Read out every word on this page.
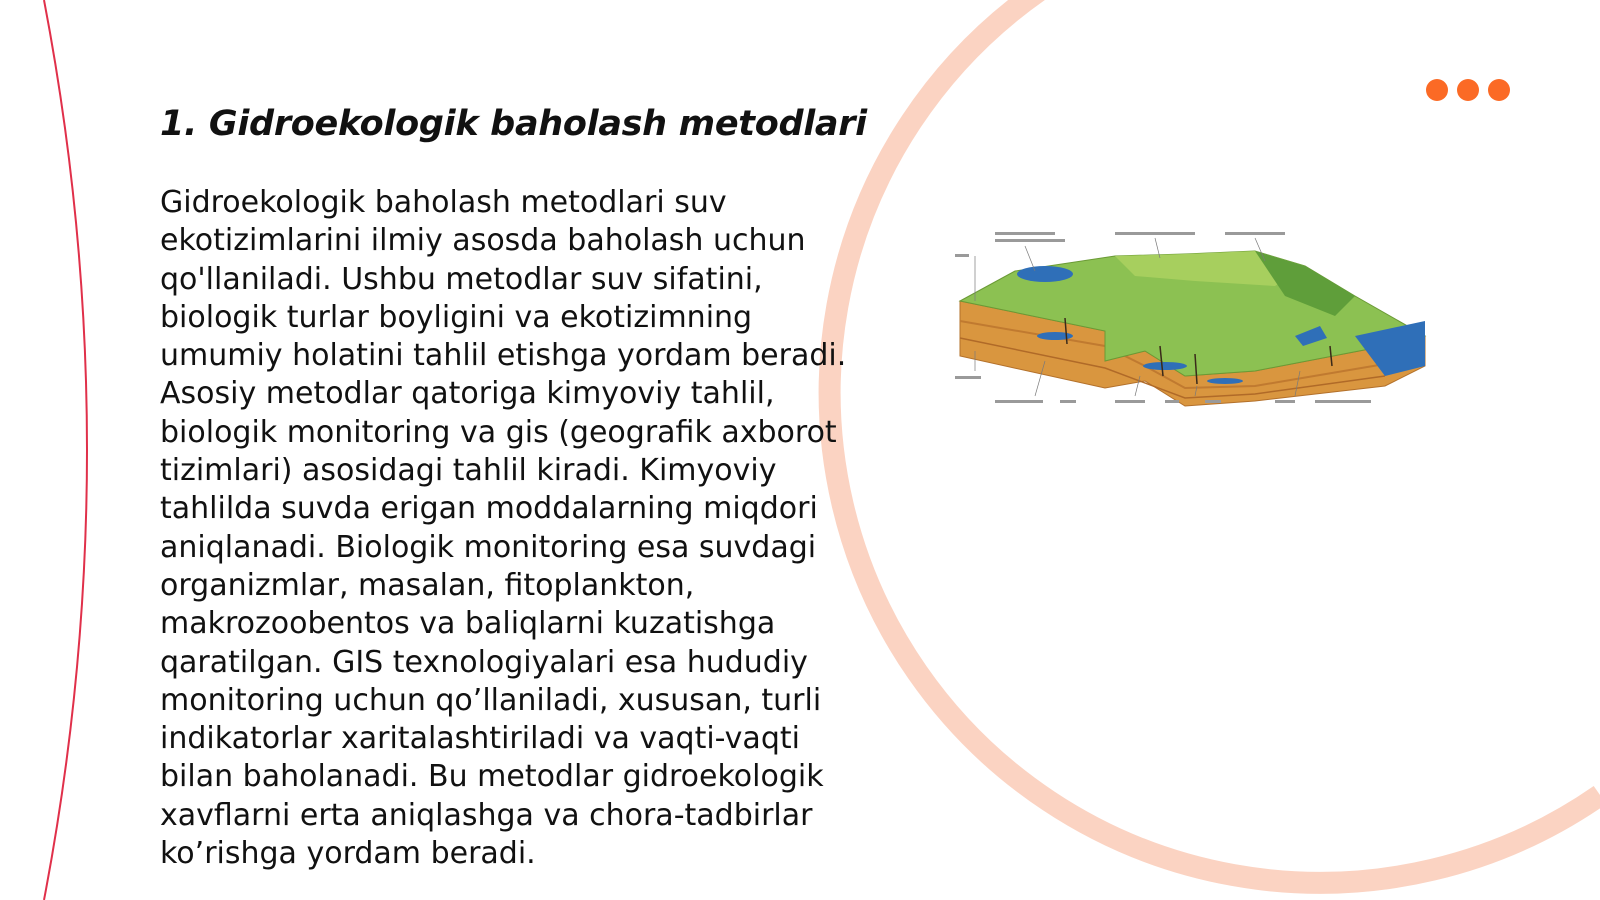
1. Gidroekologik baholash metodlari

Gidroekologik baholash metodlari suv ekotizimlarini ilmiy asosda baholash uchun qo'llaniladi. Ushbu metodlar suv sifatini, biologik turlar boyligini va ekotizimning umumiy holatini tahlil etishga yordam beradi. Asosiy metodlar qatoriga kimyoviy tahlil, biologik monitoring va gis (geografik axborot tizimlari) asosidagi tahlil kiradi. Kimyoviy tahlilda suvda erigan moddalarning miqdori aniqlanadi. Biologik monitoring esa suvdagi organizmlar, masalan, fitoplankton, makrozoobentos va baliqlarni kuzatishga qaratilgan. GIS texnologiyalari esa hududiy monitoring uchun qo’llaniladi, xususan, turli indikatorlar xaritalashtiriladi va vaqti-vaqti bilan baholanadi. Bu metodlar gidroekologik xavflarni erta aniqlashga va chora-tadbirlar ko’rishga yordam beradi.
